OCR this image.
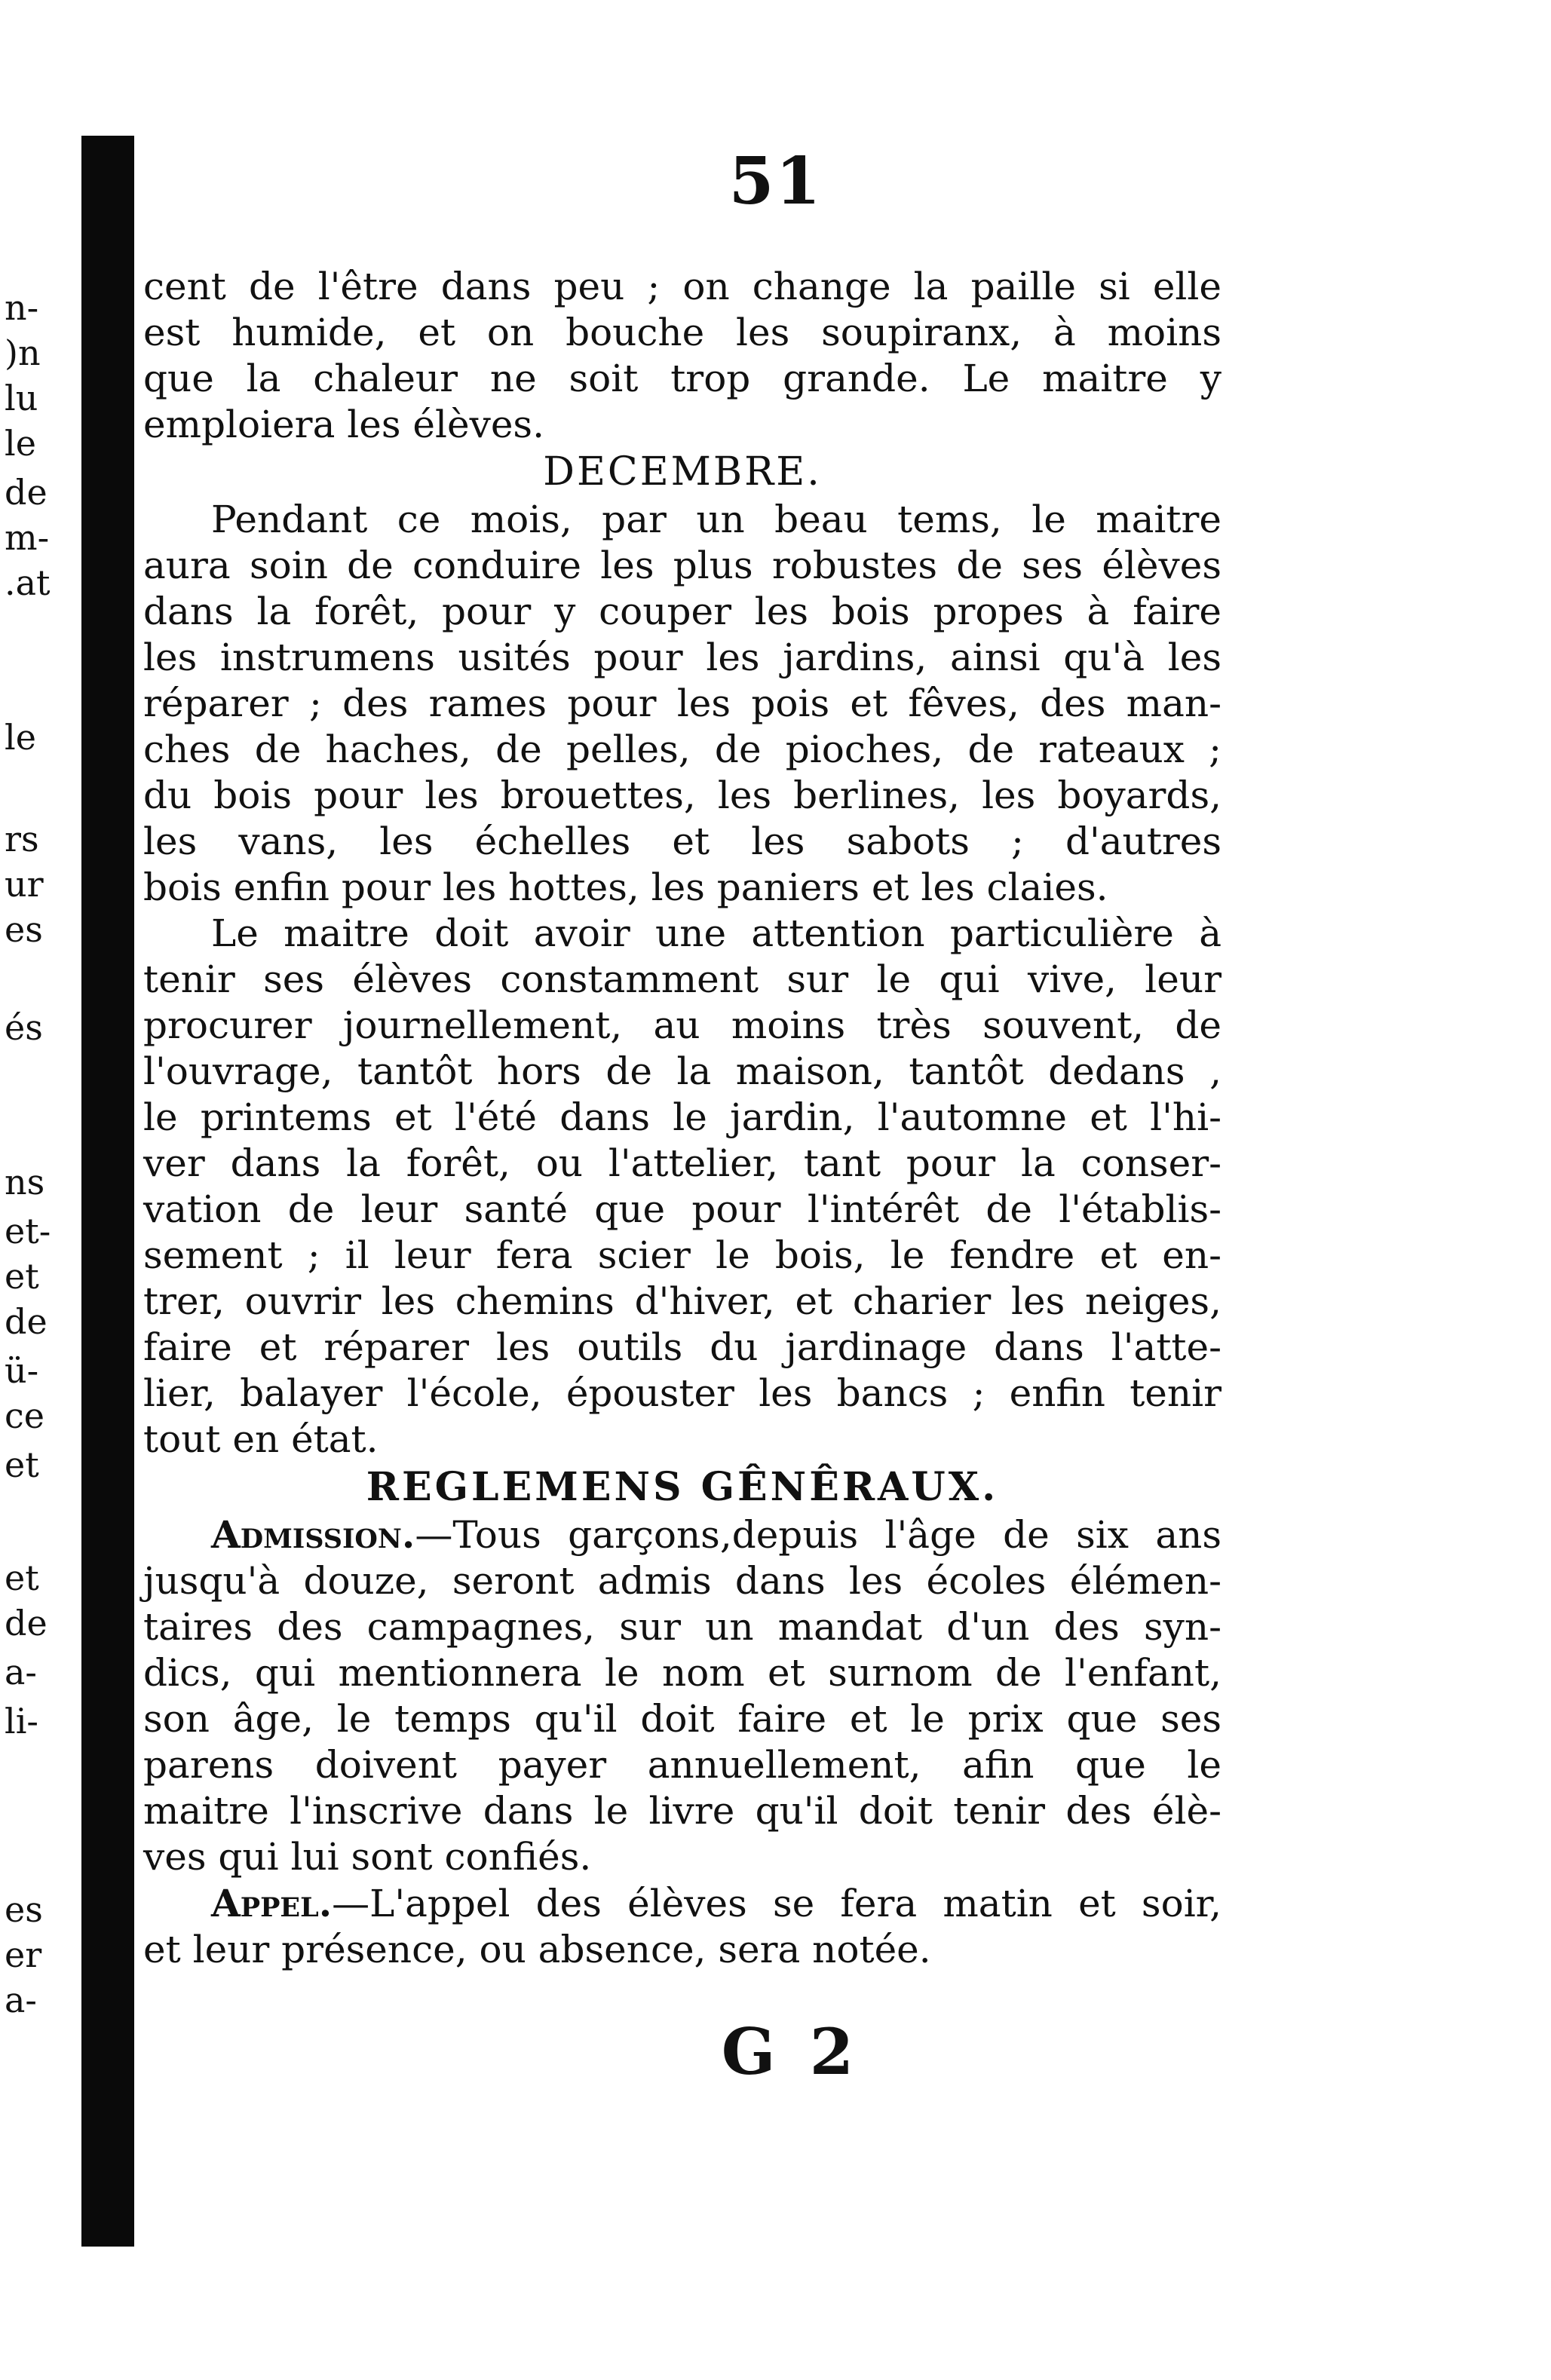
n-
)n
lu
le
de
m-
.at
le
rs
ur
es
és
ns
et-
et
de
ü-
ce
et
et
de
a-
li-
es
er
a-
51
cent de l'être dans peu ; on change la paille si elle
est humide, et on bouche les soupiranx, à moins
que la chaleur ne soit trop grande. Le maitre y
emploiera les élèves.
DECEMBRE.
Pendant ce mois, par un beau tems, le maitre
aura soin de conduire les plus robustes de ses élèves
dans la forêt, pour y couper les bois propes à faire
les instrumens usités pour les jardins, ainsi qu'à les
réparer ; des rames pour les pois et fêves, des man-
ches de haches, de pelles, de pioches, de rateaux ;
du bois pour les brouettes, les berlines, les boyards,
les vans, les échelles et les sabots ; d'autres
bois enfin pour les hottes, les paniers et les claies.
Le maitre doit avoir une attention particulière à
tenir ses élèves constamment sur le qui vive, leur
procurer journellement, au moins très souvent, de
l'ouvrage, tantôt hors de la maison, tantôt dedans ,
le printems et l'été dans le jardin, l'automne et l'hi-
ver dans la forêt, ou l'attelier, tant pour la conser-
vation de leur santé que pour l'intérêt de l'établis-
sement ; il leur fera scier le bois, le fendre et en-
trer, ouvrir les chemins d'hiver, et charier les neiges,
faire et réparer les outils du jardinage dans l'atte-
lier, balayer l'école, épouster les bancs ; enfin tenir
tout en état.
REGLEMENS GÊNÊRAUX.
Admission.—Tous garçons,depuis l'âge de six ans
jusqu'à douze, seront admis dans les écoles élémen-
taires des campagnes, sur un mandat d'un des syn-
dics, qui mentionnera le nom et surnom de l'enfant,
son âge, le temps qu'il doit faire et le prix que ses
parens doivent payer annuellement, afin que le
maitre l'inscrive dans le livre qu'il doit tenir des élè-
ves qui lui sont confiés.
Appel.—L'appel des élèves se fera matin et soir,
et leur présence, ou absence, sera notée.
G 2
